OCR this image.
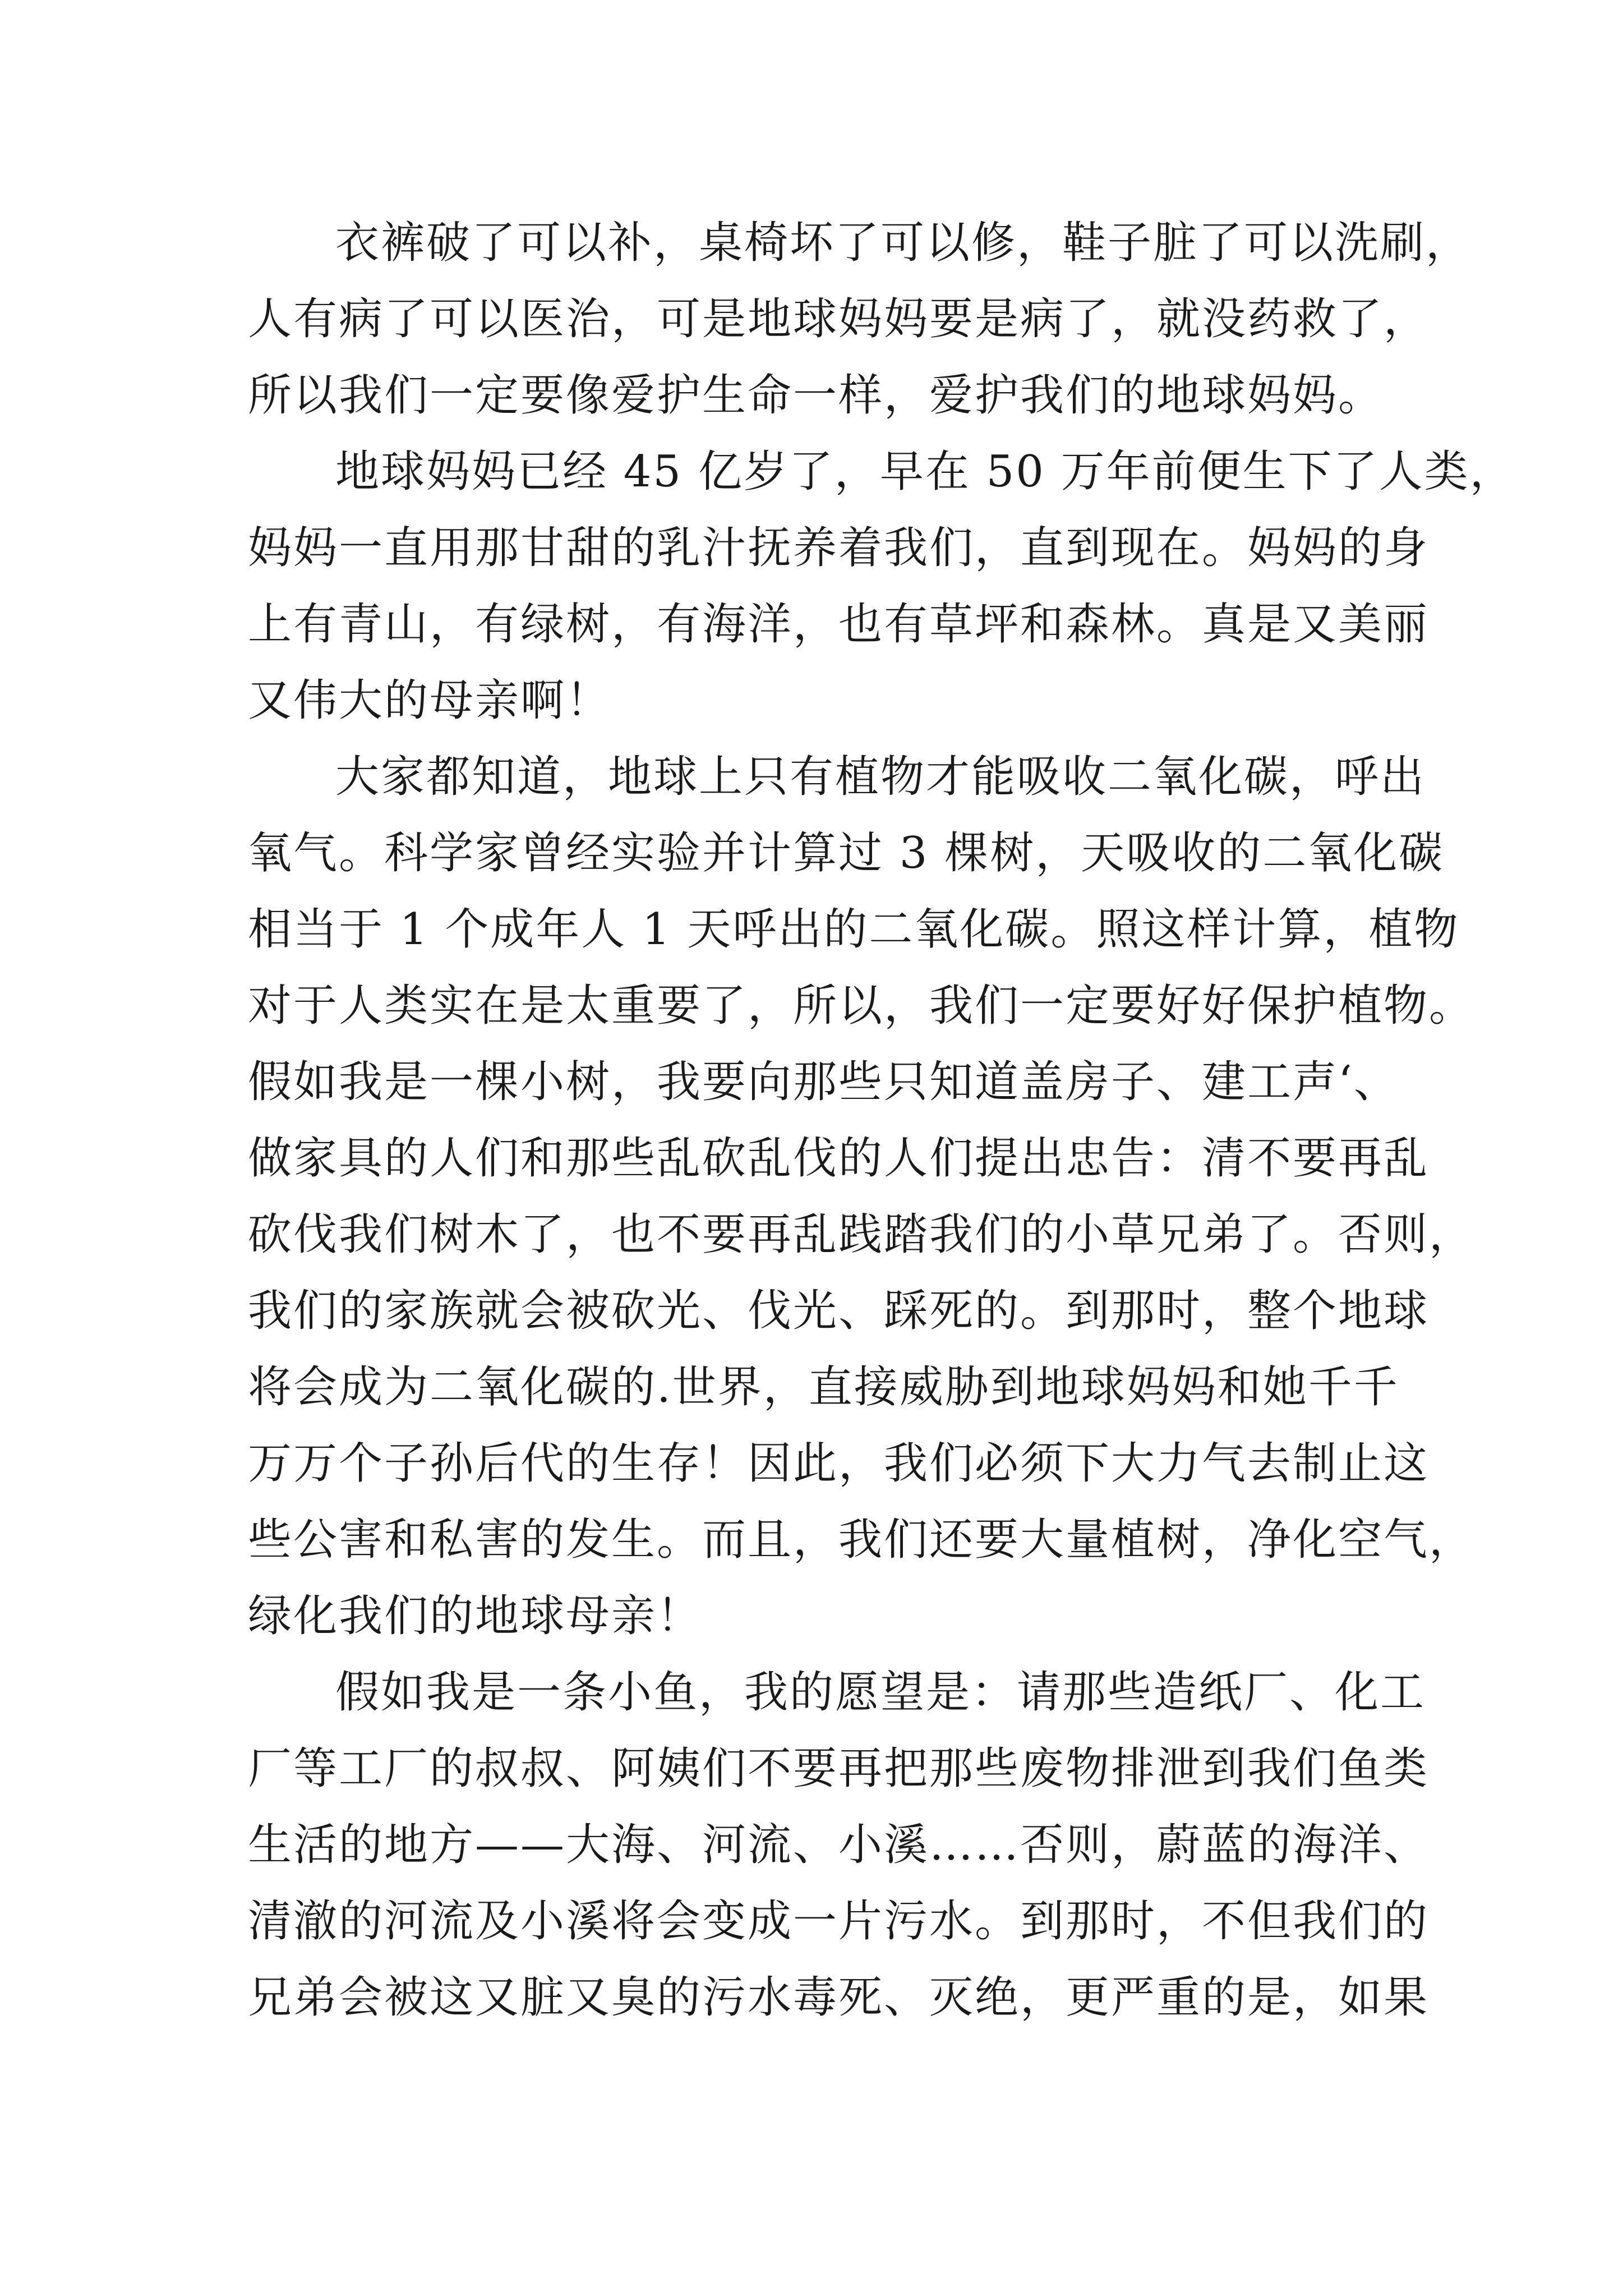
衣裤破了可以补，桌椅坏了可以修，鞋子脏了可以洗刷，
人有病了可以医治，可是地球妈妈要是病了，就没药救了，
所以我们一定要像爱护生命一样，爱护我们的地球妈妈。
地球妈妈已经 45 亿岁了，早在 50 万年前便生下了人类，
妈妈一直用那甘甜的乳汁抚养着我们，直到现在。妈妈的身
上有青山，有绿树，有海洋，也有草坪和森林。真是又美丽
又伟大的母亲啊！
大家都知道，地球上只有植物才能吸收二氧化碳，呼出
氧气。科学家曾经实验并计算过 3 棵树，天吸收的二氧化碳
相当于 1 个成年人 1 天呼出的二氧化碳。照这样计算，植物
对于人类实在是太重要了，所以，我们一定要好好保护植物。
假如我是一棵小树，我要向那些只知道盖房子、建工声‘、
做家具的人们和那些乱砍乱伐的人们提出忠告：清不要再乱
砍伐我们树木了，也不要再乱践踏我们的小草兄弟了。否则，
我们的家族就会被砍光、伐光、踩死的。到那时，整个地球
将会成为二氧化碳的.世界，直接威胁到地球妈妈和她千千
万万个子孙后代的生存！因此，我们必须下大力气去制止这
些公害和私害的发生。而且，我们还要大量植树，净化空气，
绿化我们的地球母亲！
假如我是一条小鱼，我的愿望是：请那些造纸厂、化工
厂等工厂的叔叔、阿姨们不要再把那些废物排泄到我们鱼类
生活的地方——大海、河流、小溪……否则，蔚蓝的海洋、
清澈的河流及小溪将会变成一片污水。到那时，不但我们的
兄弟会被这又脏又臭的污水毒死、灭绝，更严重的是，如果
